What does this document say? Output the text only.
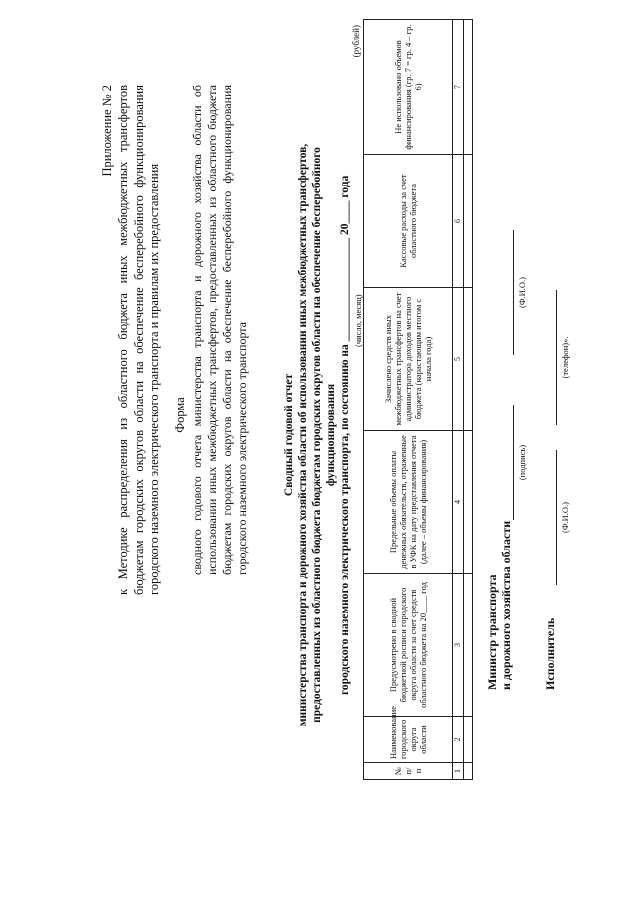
Приложение № 2 к Методике распределения из областного бюджета иных межбюджетных трансфертов бюджетам городских округов области на обеспечение бесперебойного функционирования городского наземного электрического транспорта и правилам их предоставления Форма сводного годового отчета министерства транспорта и дорожного хозяйства области об использовании иных межбюджетных трансфертов, предоставленных из областного бюджета бюджетам городских округов области на обеспечение бесперебойного функционирования городского наземного электрического транспорта	Сводный годовой отчет министерства транспорта и дорожного хозяйства области об использовании иных межбюджетных трансфертов, предоставленных из областного бюджета бюджетам городских округов области на обеспечение бесперебойного функционирования городского наземного электрического транспорта, по состоянию на __________________ 20____ года
(число, месяц)
(рублей)
№ п/п	Наименование городского округа области	Предусмотрено в сводной бюджетной росписи городского округа области за счет средств областного бюджета на 20____ год	Предельные объемы оплаты денежных обязательств, отраженные в УФК на дату представления отчета (далее – объемы финансирования)	Зачислено средств иных межбюджетных трансфертов на счет администратора доходов местного бюджета (нарастающим итогом с начала года)	Кассовые расходы за счет областного бюджета	Не использовано объемов финансирования (гр. 7 = гр. 4 – гр. 6)
1	2	3	4	5	6	7

Министр транспорта и дорожного хозяйства области
(подпись)
(Ф.И.О.)
Исполнитель
(Ф.И.О.)
(телефон)».
